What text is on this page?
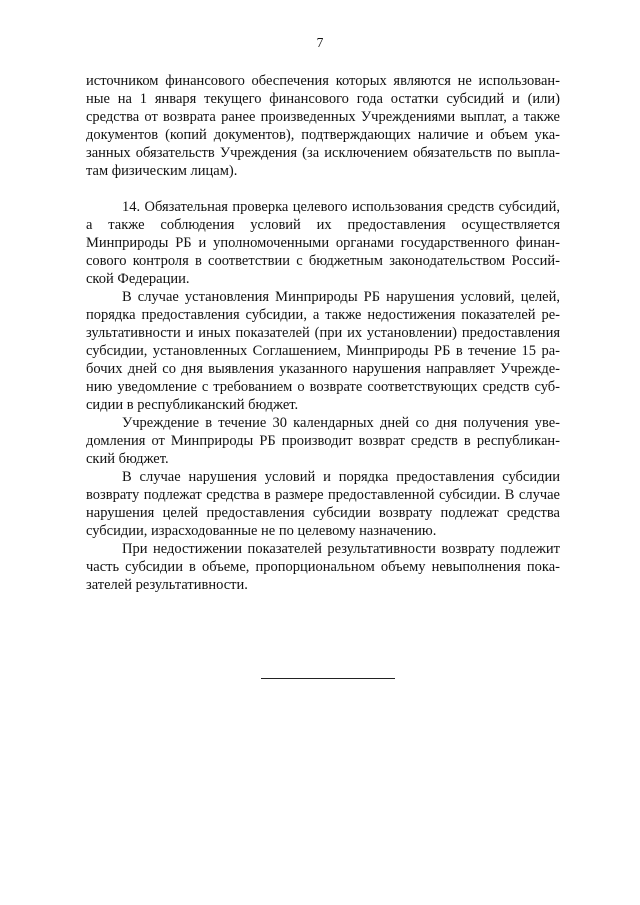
7

источником финансового обеспечения которых являются не использованные на 1 января текущего финансового года остатки субсидий и (или) средства от возврата ранее произведенных Учреждениями выплат, а также документов (копий документов), подтверждающих наличие и объем указанных обязательств Учреждения (за исключением обязательств по выплатам физическим лицам).

14. Обязательная проверка целевого использования средств субсидий, а также соблюдения условий их предоставления осуществляется Минприроды РБ и уполномоченными органами государственного финансового контроля в соответствии с бюджетным законодательством Российской Федерации.

В случае установления Минприроды РБ нарушения условий, целей, порядка предоставления субсидии, а также недостижения показателей результативности и иных показателей (при их установлении) предоставления субсидии, установленных Соглашением, Минприроды РБ в течение 15 рабочих дней со дня выявления указанного нарушения направляет Учреждению уведомление с требованием о возврате соответствующих средств субсидии в республиканский бюджет.

Учреждение в течение 30 календарных дней со дня получения уведомления от Минприроды РБ производит возврат средств в республиканский бюджет.

В случае нарушения условий и порядка предоставления субсидии возврату подлежат средства в размере предоставленной субсидии. В случае нарушения целей предоставления субсидии возврату подлежат средства субсидии, израсходованные не по целевому назначению.

При недостижении показателей результативности возврату подлежит часть субсидии в объеме, пропорциональном объему невыполнения показателей результативности.
